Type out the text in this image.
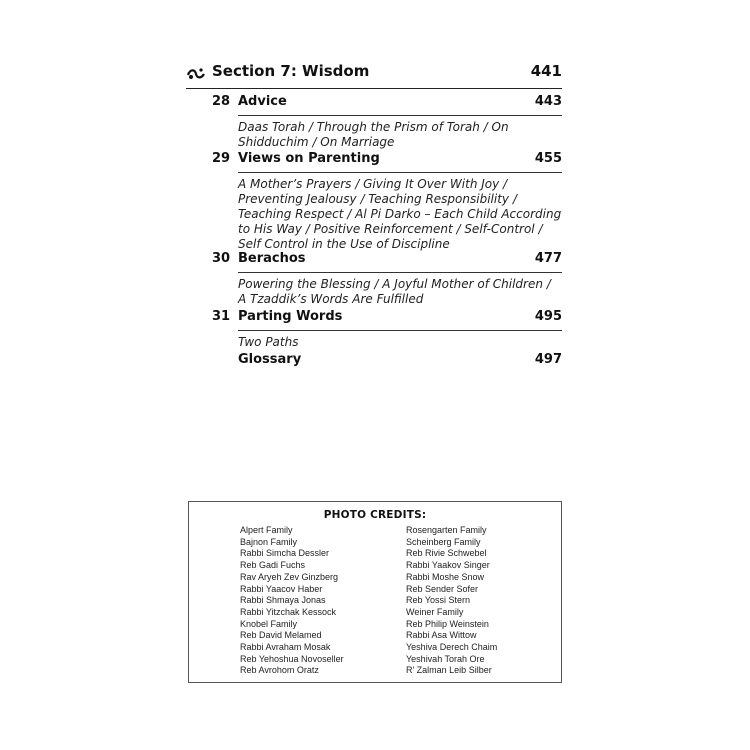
Section 7: Wisdom	441
28 Advice	443
Daas Torah / Through the Prism of Torah / On Shidduchim / On Marriage
29 Views on Parenting	455
A Mother’s Prayers / Giving It Over With Joy / Preventing Jealousy / Teaching Responsibility / Teaching Respect / Al Pi Darko – Each Child According to His Way / Positive Reinforcement / Self-Control / Self Control in the Use of Discipline
30 Berachos	477
Powering the Blessing / A Joyful Mother of Children / A Tzaddik’s Words Are Fulfilled
31 Parting Words	495
Two Paths
Glossary	497
PHOTO CREDITS:
Alpert Family
Bajnon Family
Rabbi Simcha Dessler
Reb Gadi Fuchs
Rav Aryeh Zev Ginzberg
Rabbi Yaacov Haber
Rabbi Shmaya Jonas
Rabbi Yitzchak Kessock
Knobel Family
Reb David Melamed
Rabbi Avraham Mosak
Reb Yehoshua Novoseller
Reb Avrohom Oratz
Rosengarten Family
Scheinberg Family
Reb Rivie Schwebel
Rabbi Yaakov Singer
Rabbi Moshe Snow
Reb Sender Sofer
Reb Yossi Stern
Weiner Family
Reb Philip Weinstein
Rabbi Asa Wittow
Yeshiva Derech Chaim
Yeshivah Torah Ore
R’ Zalman Leib Silber
